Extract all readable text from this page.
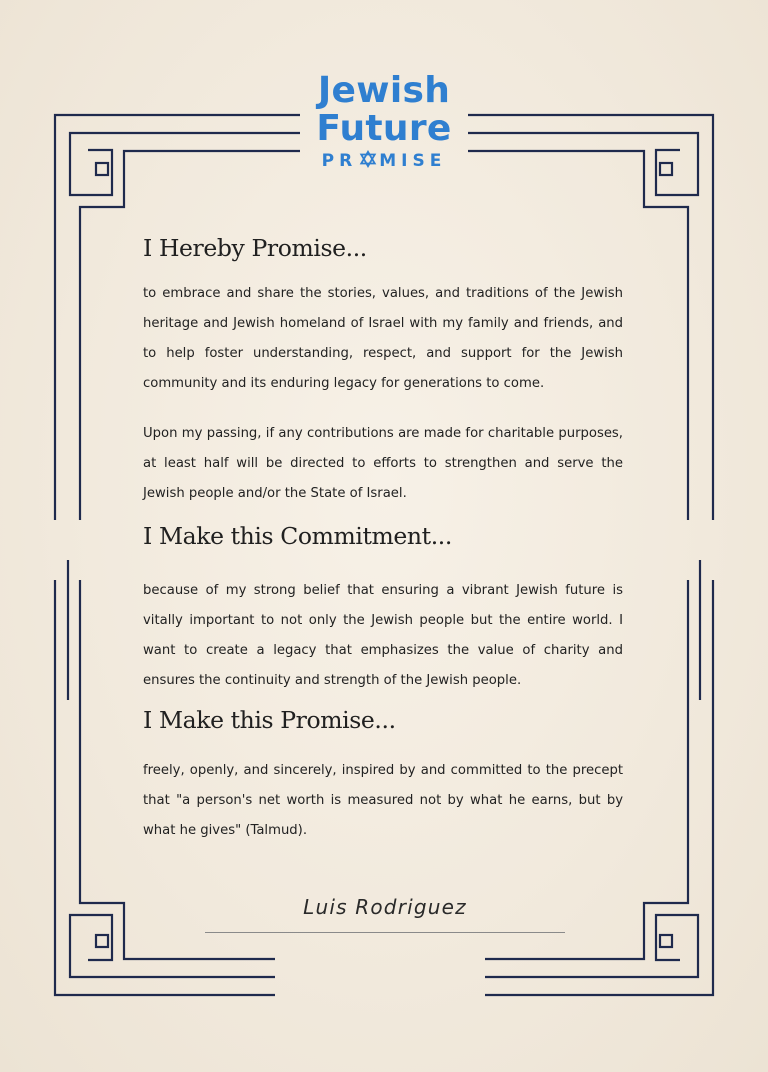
Jewish
Future
PR MISE
I Hereby Promise...

to embrace and share the stories, values, and traditions of the Jewish heritage and Jewish homeland of Israel with my family and friends, and to help foster understanding, respect, and support for the Jewish community and its enduring legacy for generations to come.

Upon my passing, if any contributions are made for charitable purposes, at least half will be directed to efforts to strengthen and serve the Jewish people and/or the State of Israel.

I Make this Commitment...

because of my strong belief that ensuring a vibrant Jewish future is vitally important to not only the Jewish people but the entire world. I want to create a legacy that emphasizes the value of charity and ensures the continuity and strength of the Jewish people.

I Make this Promise...

freely, openly, and sincerely, inspired by and committed to the precept that "a person's net worth is measured not by what he earns, but by what he gives" (Talmud).

Luis Rodriguez
